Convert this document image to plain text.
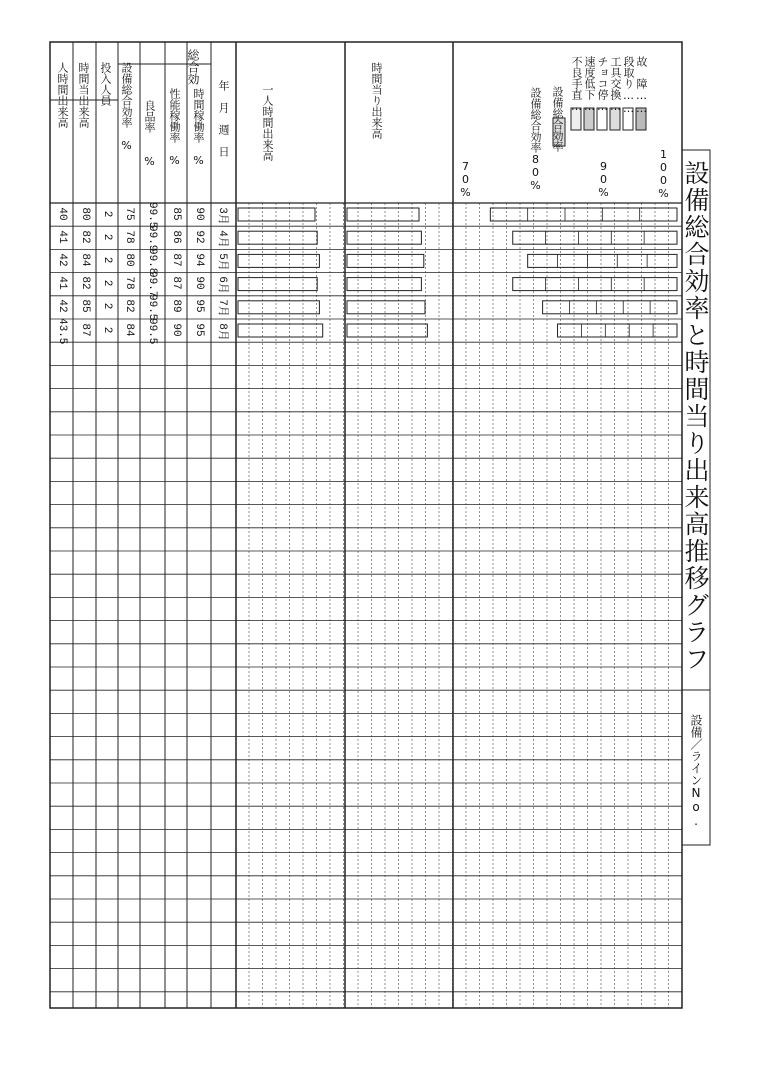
設備総合効率と時間当り出来高推移グラフ
設備／ラインNo.
故　障……
段取り……
工具交換…
チョコ停…
速度低下…
不良手直…
設備総合効率
100%
90%
設備総合効率80%
70%
時間当り出来高
一人時間出来高
年　月　週　日
総合効
時間稼働率　%
性能稼働率　%
良品率　　%
設備総合効率　%
投入人員
時間当出来高
人時間出来高
3月
90
85
99.5
75
2
80
40
4月
92
86
99.9
78
2
82
41
5月
94
87
99.8
80
2
84
42
6月
90
87
99.7
78
2
82
41
7月
95
89
99.5
82
2
85
42
8月
95
90
99.5
84
2
87
43.5
